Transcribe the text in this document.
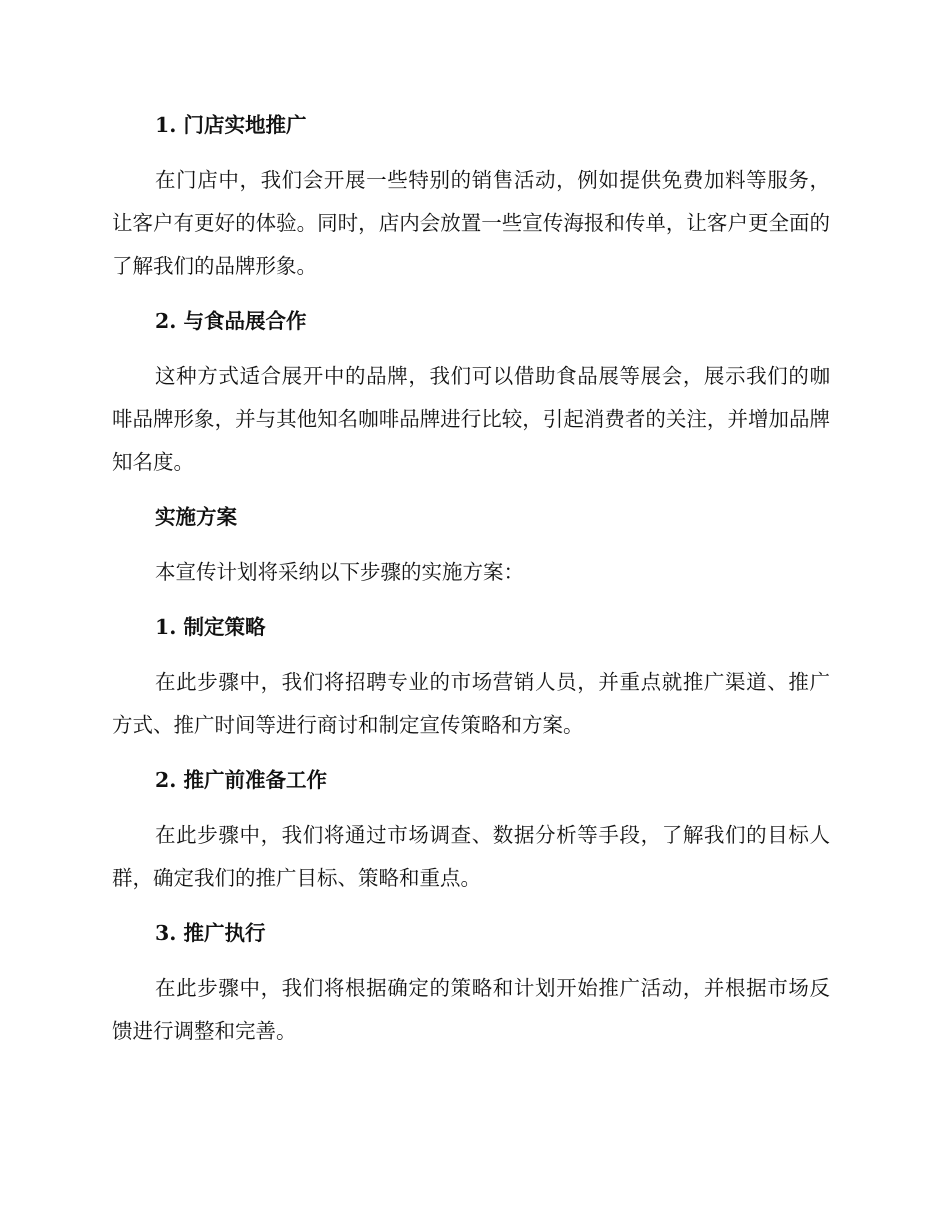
1. 门店实地推广

在门店中，我们会开展一些特别的销售活动，例如提供免费加料等服务，让客户有更好的体验。同时，店内会放置一些宣传海报和传单，让客户更全面的了解我们的品牌形象。

2. 与食品展合作

这种方式适合展开中的品牌，我们可以借助食品展等展会，展示我们的咖啡品牌形象，并与其他知名咖啡品牌进行比较，引起消费者的关注，并增加品牌知名度。

实施方案

本宣传计划将采纳以下步骤的实施方案：

1. 制定策略

在此步骤中，我们将招聘专业的市场营销人员，并重点就推广渠道、推广方式、推广时间等进行商讨和制定宣传策略和方案。

2. 推广前准备工作

在此步骤中，我们将通过市场调查、数据分析等手段，了解我们的目标人群，确定我们的推广目标、策略和重点。

3. 推广执行

在此步骤中，我们将根据确定的策略和计划开始推广活动，并根据市场反馈进行调整和完善。
